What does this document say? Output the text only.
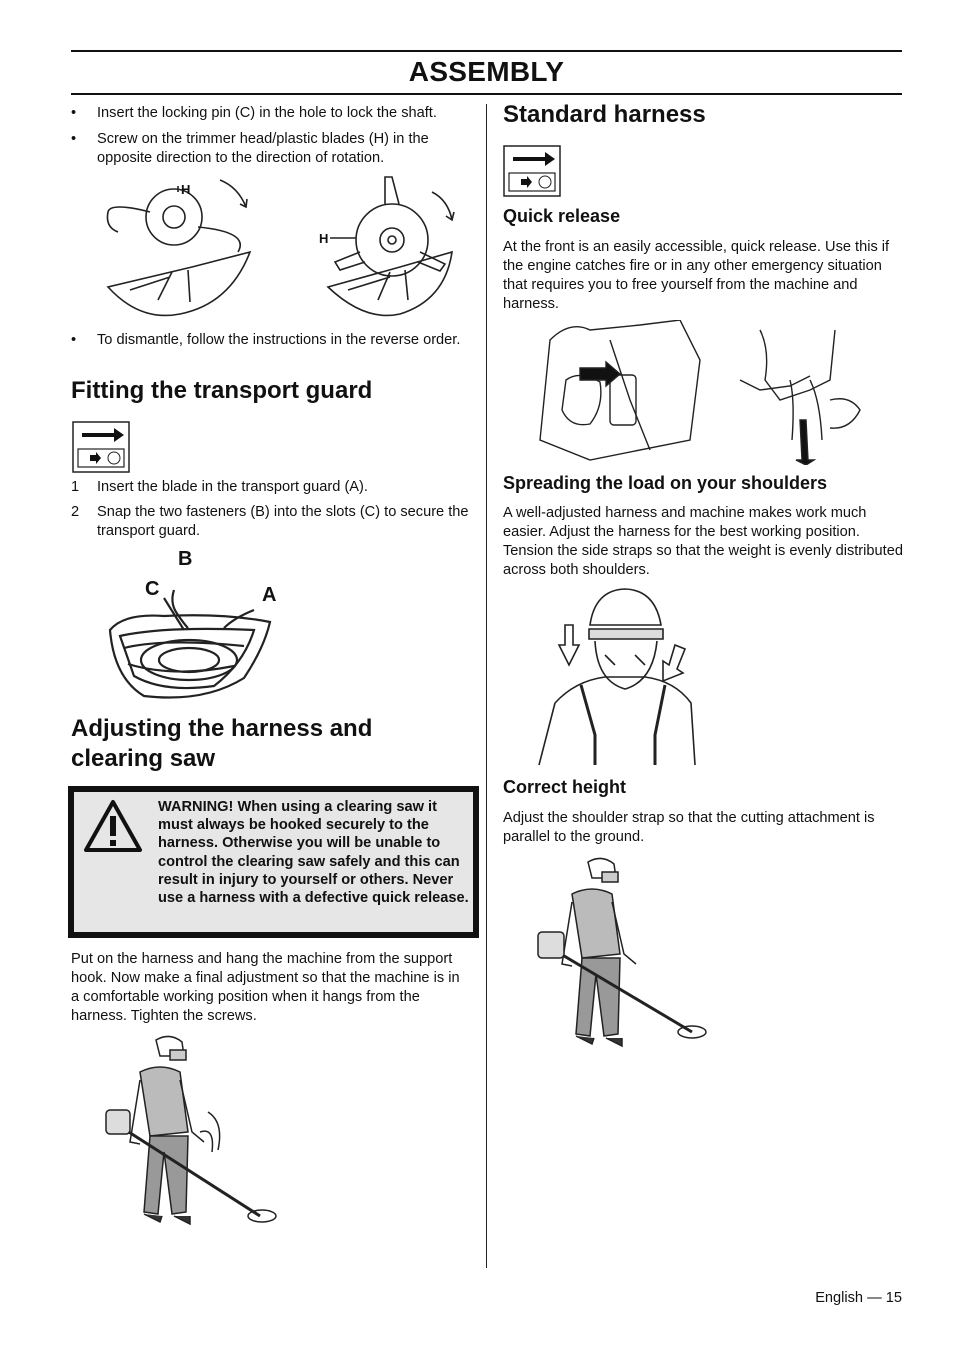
ASSEMBLY
•	Insert the locking pin (C) in the hole to lock the shaft.
•	Screw on the trimmer head/plastic blades (H) in the opposite direction to the direction of rotation.
H
H
•	To dismantle, follow the instructions in the reverse order.
Fitting the transport guard
1	Insert the blade in the transport guard (A).
2	Snap the two fasteners (B) into the slots (C) to secure the transport guard.
B
C	A
Adjusting the harness and
clearing saw
WARNING! When using a clearing saw it must always be hooked securely to the harness. Otherwise you will be unable to control the clearing saw safely and this can result in injury to yourself or others. Never use a harness with a defective quick release.
Put on the harness and hang the machine from the support hook. Now make a final adjustment so that the machine is in a comfortable working position when it hangs from the harness. Tighten the screws.
Standard harness
Quick release
At the front is an easily accessible, quick release. Use this if the engine catches fire or in any other emergency situation that requires you to free yourself from the machine and harness.
Spreading the load on your shoulders
A well-adjusted harness and machine makes work much easier. Adjust the harness for the best working position. Tension the side straps so that the weight is evenly distributed across both shoulders.
Correct height
Adjust the shoulder strap so that the cutting attachment is parallel to the ground.
English — 15
